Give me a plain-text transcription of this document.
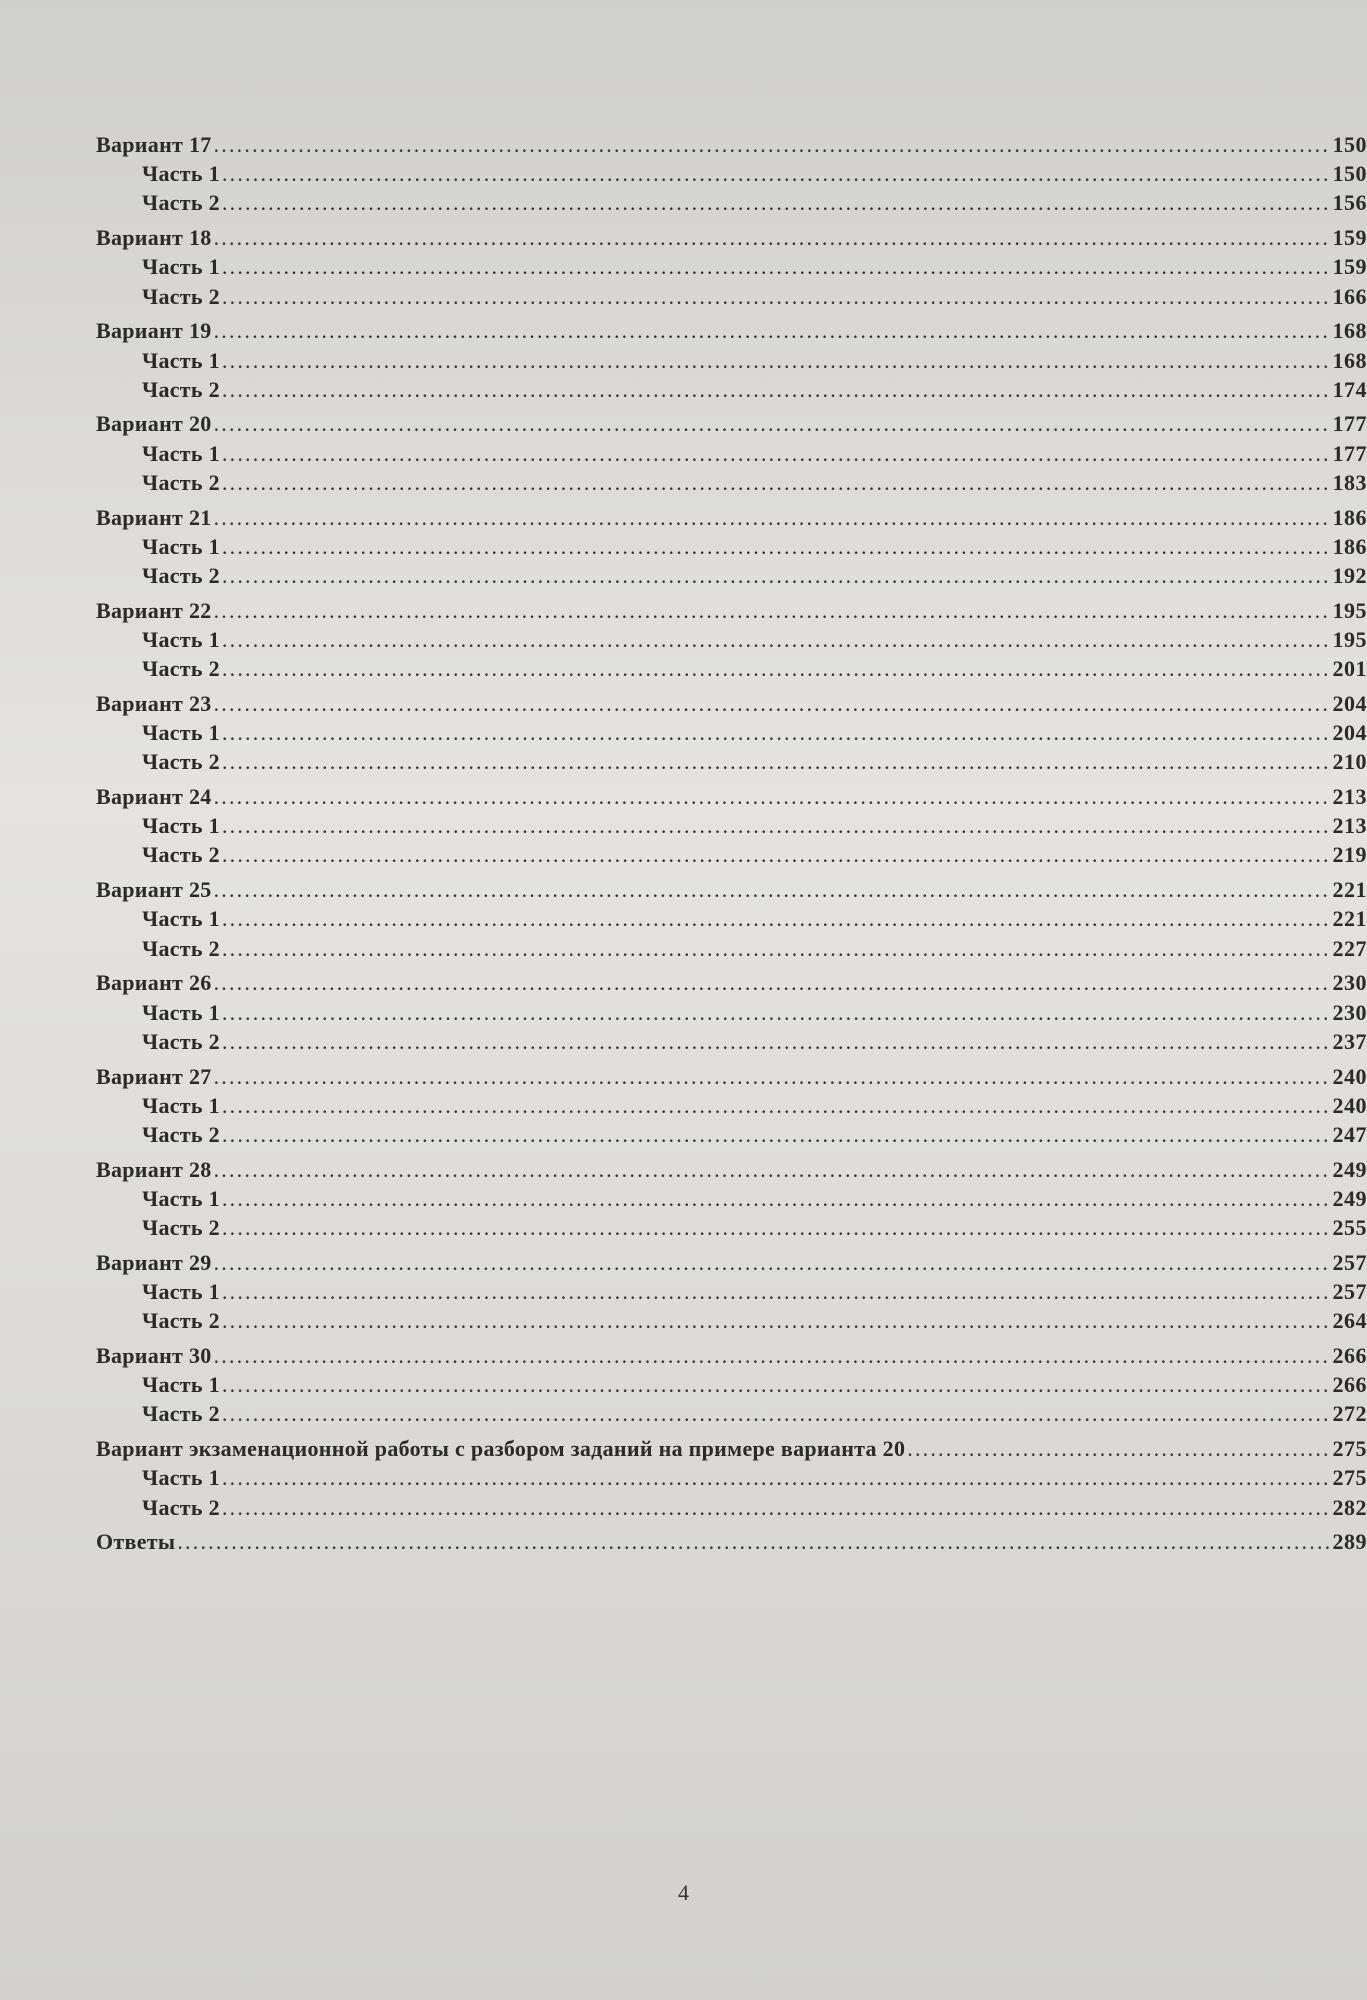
Вариант 17 .....	150
Часть 1 .....	150
Часть 2 .....	156
Вариант 18 .....	159
Часть 1 .....	159
Часть 2 .....	166
Вариант 19 .....	168
Часть 1 .....	168
Часть 2 .....	174
Вариант 20 .....	177
Часть 1 .....	177
Часть 2 .....	183
Вариант 21 .....	186
Часть 1 .....	186
Часть 2 .....	192
Вариант 22 .....	195
Часть 1 .....	195
Часть 2 .....	201
Вариант 23 .....	204
Часть 1 .....	204
Часть 2 .....	210
Вариант 24 .....	213
Часть 1 .....	213
Часть 2 .....	219
Вариант 25 .....	221
Часть 1 .....	221
Часть 2 .....	227
Вариант 26 .....	230
Часть 1 .....	230
Часть 2 .....	237
Вариант 27 .....	240
Часть 1 .....	240
Часть 2 .....	247
Вариант 28 .....	249
Часть 1 .....	249
Часть 2 .....	255
Вариант 29 .....	257
Часть 1 .....	257
Часть 2 .....	264
Вариант 30 .....	266
Часть 1 .....	266
Часть 2 .....	272
Вариант экзаменационной работы с разбором заданий на примере варианта 20 .....	275
Часть 1 .....	275
Часть 2 .....	282
Ответы .....	289
4
